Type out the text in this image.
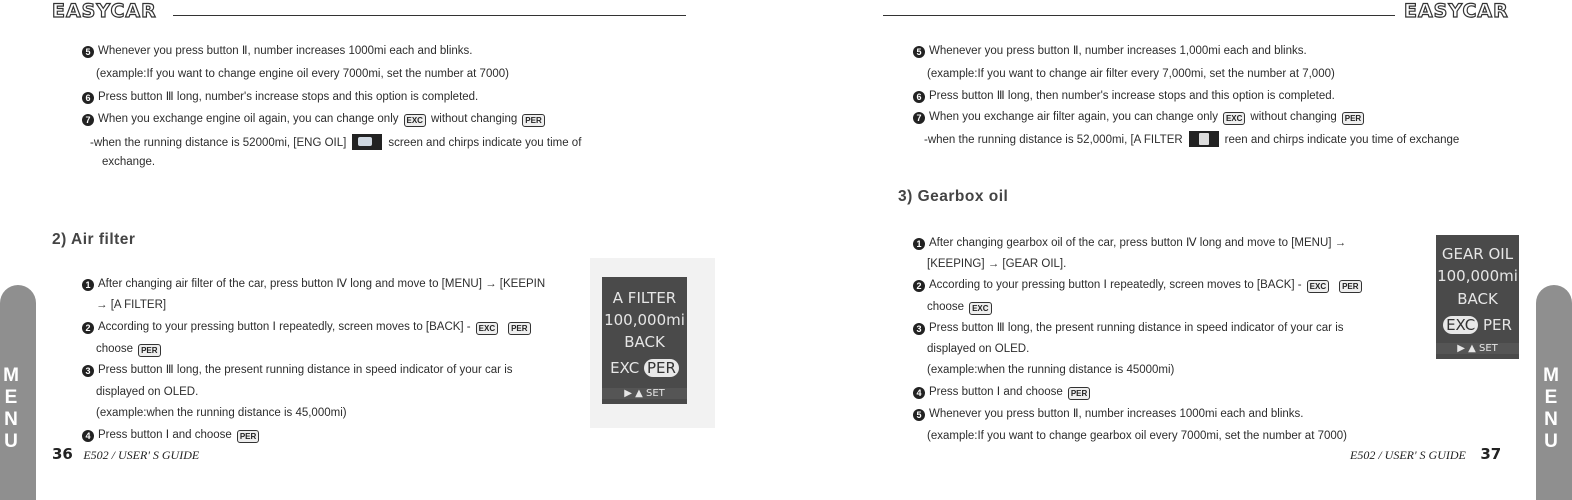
EASYCAR
5 Whenever you press button Ⅱ, number increases 1000mi each and blinks.
(example:If you want to change engine oil every 7000mi, set the number at 7000)
6 Press button Ⅲ long, number's increase stops and this option is completed.
7 When you exchange engine oil again, you can change only EXC without changing PER
-when the running distance is 52000mi, [ENG OIL]	screen and chirps indicate you time of
exchange.
2) Air filter
1 After changing air filter of the car, press button Ⅳ long and move to [MENU] → [KEEPIN
→ [A FILTER]
2 According to your pressing button Ⅰ repeatedly, screen moves to [BACK] - EXC PER
choose PER
3 Press button Ⅲ long, the present running distance in speed indicator of your car is
displayed on OLED.
(example:when the running distance is 45,000mi)
4 Press button Ⅰ and choose PER
A FILTER
100,000mi
BACK
EXC PER
▶ ▲ SET
36 E502 / USER' S GUIDE
M
E
N
U
EASYCAR
5 Whenever you press button Ⅱ, number increases 1,000mi each and blinks.
(example:If you want to change air filter every 7,000mi, set the number at 7,000)
6 Press button Ⅲ long, then number's increase stops and this option is completed.
7 When you exchange air filter again, you can change only EXC without changing PER
-when the running distance is 52,000mi, [A FILTER	reen and chirps indicate you time of exchange
3) Gearbox oil
1 After changing gearbox oil of the car, press button Ⅳ long and move to [MENU] →
[KEEPING] → [GEAR OIL].
2 According to your pressing button Ⅰ repeatedly, screen moves to [BACK] - EXC PER
choose EXC
3 Press button Ⅲ long, the present running distance in speed indicator of your car is
displayed on OLED.
(example:when the running distance is 45000mi)
4 Press button Ⅰ and choose PER
5 Whenever you press button Ⅱ, number increases 1000mi each and blinks.
(example:If you want to change gearbox oil every 7000mi, set the number at 7000)
GEAR OIL
100,000mi
BACK
EXC PER
▶ ▲ SET
E502 / USER' S GUIDE 37
M
E
N
U
